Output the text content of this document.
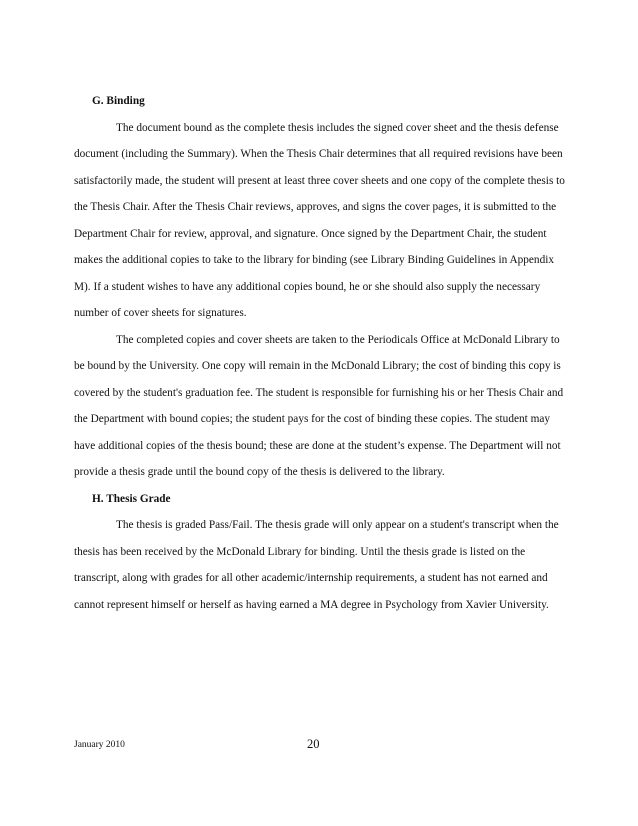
G. Binding

The document bound as the complete thesis includes the signed cover sheet and the thesis defense document (including the Summary). When the Thesis Chair determines that all required revisions have been satisfactorily made, the student will present at least three cover sheets and one copy of the complete thesis to the Thesis Chair. After the Thesis Chair reviews, approves, and signs the cover pages, it is submitted to the Department Chair for review, approval, and signature. Once signed by the Department Chair, the student makes the additional copies to take to the library for binding (see Library Binding Guidelines in Appendix M). If a student wishes to have any additional copies bound, he or she should also supply the necessary number of cover sheets for signatures.

The completed copies and cover sheets are taken to the Periodicals Office at McDonald Library to be bound by the University. One copy will remain in the McDonald Library; the cost of binding this copy is covered by the student's graduation fee. The student is responsible for furnishing his or her Thesis Chair and the Department with bound copies; the student pays for the cost of binding these copies. The student may have additional copies of the thesis bound; these are done at the student’s expense. The Department will not provide a thesis grade until the bound copy of the thesis is delivered to the library.

H. Thesis Grade

The thesis is graded Pass/Fail. The thesis grade will only appear on a student's transcript when the thesis has been received by the McDonald Library for binding. Until the thesis grade is listed on the transcript, along with grades for all other academic/internship requirements, a student has not earned and cannot represent himself or herself as having earned a MA degree in Psychology from Xavier University.

January 2010	20
